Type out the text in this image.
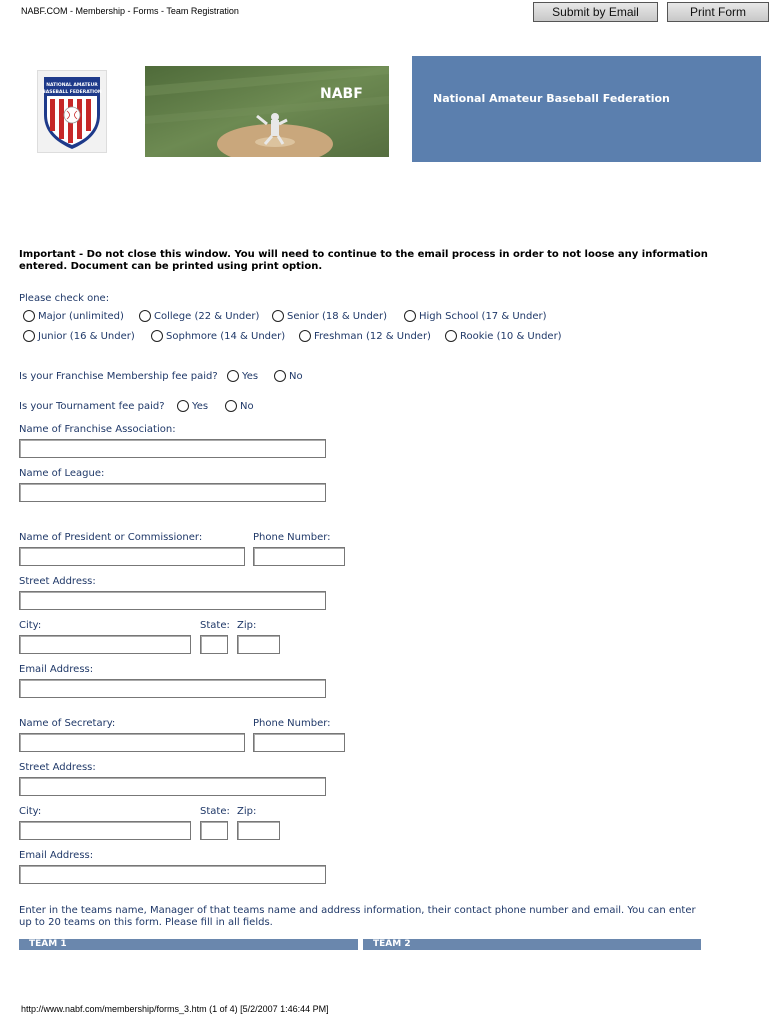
NABF.COM - Membership - Forms - Team Registration	Submit by Email	Print Form
NATIONAL AMATEUR
BASEBALL FEDERATION	NABF	National Amateur Baseball Federation
Important - Do not close this window. You will need to continue to the email process in order to not loose any information entered. Document can be printed using print option.
Please check one:
Major (unlimited)	College (22 & Under)	Senior (18 & Under)	High School (17 & Under)
Junior (16 & Under)	Sophmore (14 & Under)	Freshman (12 & Under)	Rookie (10 & Under)
Is your Franchise Membership fee paid? Yes	No
Is your Tournament fee paid?	Yes	No
Name of Franchise Association:
Name of League:
Name of President or Commissioner:	Phone Number:
Street Address:
City:	State: Zip:
Email Address:
Name of Secretary:	Phone Number:
Street Address:
City:	State: Zip:
Email Address:
Enter in the teams name, Manager of that teams name and address information, their contact phone number and email. You can enter up to 20 teams on this form. Please fill in all fields.
TEAM 1	TEAM 2
http://www.nabf.com/membership/forms_3.htm (1 of 4) [5/2/2007 1:46:44 PM]
